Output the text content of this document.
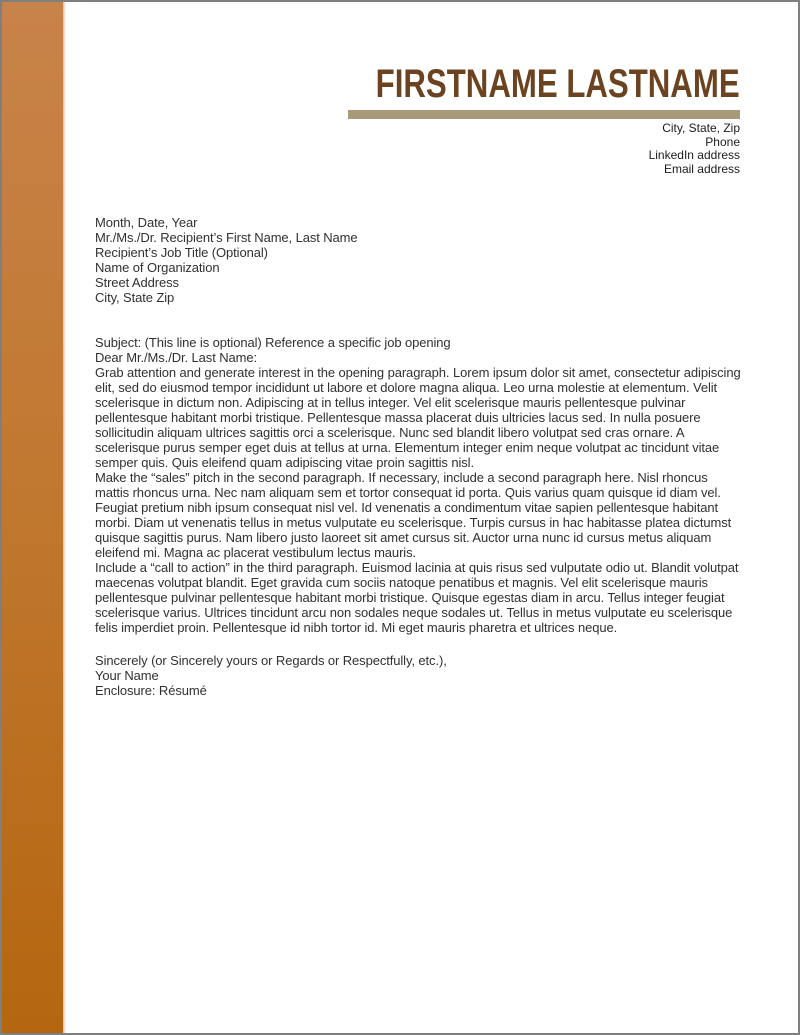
FIRSTNAME LASTNAME
City, State, Zip
Phone
LinkedIn address
Email address

Month, Date, Year

Mr./Ms./Dr. Recipient’s First Name, Last Name
Recipient’s Job Title (Optional)
Name of Organization
Street Address
City, State Zip

Subject: (This line is optional) Reference a specific job opening

Dear Mr./Ms./Dr. Last Name:

Grab attention and generate interest in the opening paragraph. Lorem ipsum dolor sit amet, consectetur adipiscing elit, sed do eiusmod tempor incididunt ut labore et dolore magna aliqua. Leo urna molestie at elementum. Velit scelerisque in dictum non. Adipiscing at in tellus integer. Vel elit scelerisque mauris pellentesque pulvinar pellentesque habitant morbi tristique. Pellentesque massa placerat duis ultricies lacus sed. In nulla posuere sollicitudin aliquam ultrices sagittis orci a scelerisque. Nunc sed blandit libero volutpat sed cras ornare. A scelerisque purus semper eget duis at tellus at urna. Elementum integer enim neque volutpat ac tincidunt vitae semper quis. Quis eleifend quam adipiscing vitae proin sagittis nisl.

Make the “sales” pitch in the second paragraph. If necessary, include a second paragraph here. Nisl rhoncus mattis rhoncus urna. Nec nam aliquam sem et tortor consequat id porta. Quis varius quam quisque id diam vel. Feugiat pretium nibh ipsum consequat nisl vel. Id venenatis a condimentum vitae sapien pellentesque habitant morbi. Diam ut venenatis tellus in metus vulputate eu scelerisque. Turpis cursus in hac habitasse platea dictumst quisque sagittis purus. Nam libero justo laoreet sit amet cursus sit. Auctor urna nunc id cursus metus aliquam eleifend mi. Magna ac placerat vestibulum lectus mauris.

Include a “call to action” in the third paragraph. Euismod lacinia at quis risus sed vulputate odio ut. Blandit volutpat maecenas volutpat blandit. Eget gravida cum sociis natoque penatibus et magnis. Vel elit scelerisque mauris pellentesque pulvinar pellentesque habitant morbi tristique. Quisque egestas diam in arcu. Tellus integer feugiat scelerisque varius. Ultrices tincidunt arcu non sodales neque sodales ut. Tellus in metus vulputate eu scelerisque felis imperdiet proin. Pellentesque id nibh tortor id. Mi eget mauris pharetra et ultrices neque.

Sincerely (or Sincerely yours or Regards or Respectfully, etc.),

Your Name

Enclosure: Résumé
